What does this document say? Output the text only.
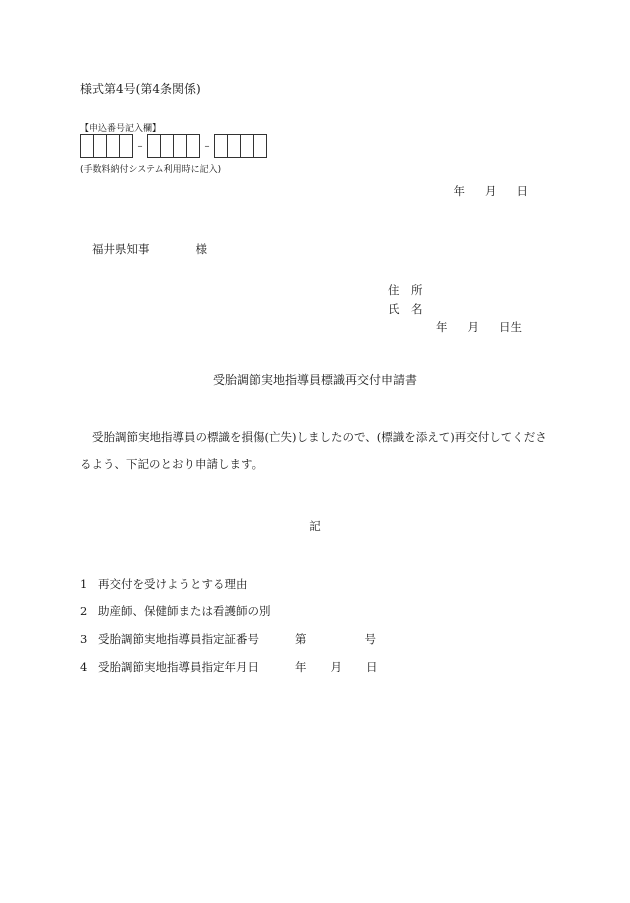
様式第4号(第4条関係)
【申込番号記入欄】
–	–
(手数料納付システム利用時に記入)
年 月 日
福井県知事	様
住　所
氏　名
年 月 日生
受胎調節実地指導員標識再交付申請書
受胎調節実地指導員の標識を損傷(亡失)しましたので、(標識を添えて)再交付してくださるよう、下記のとおり申請します。
記
1 再交付を受けようとする理由
2 助産師、保健師または看護師の別
3 受胎調節実地指導員指定証番号	第	号
4 受胎調節実地指導員指定年月日	年 月 日
